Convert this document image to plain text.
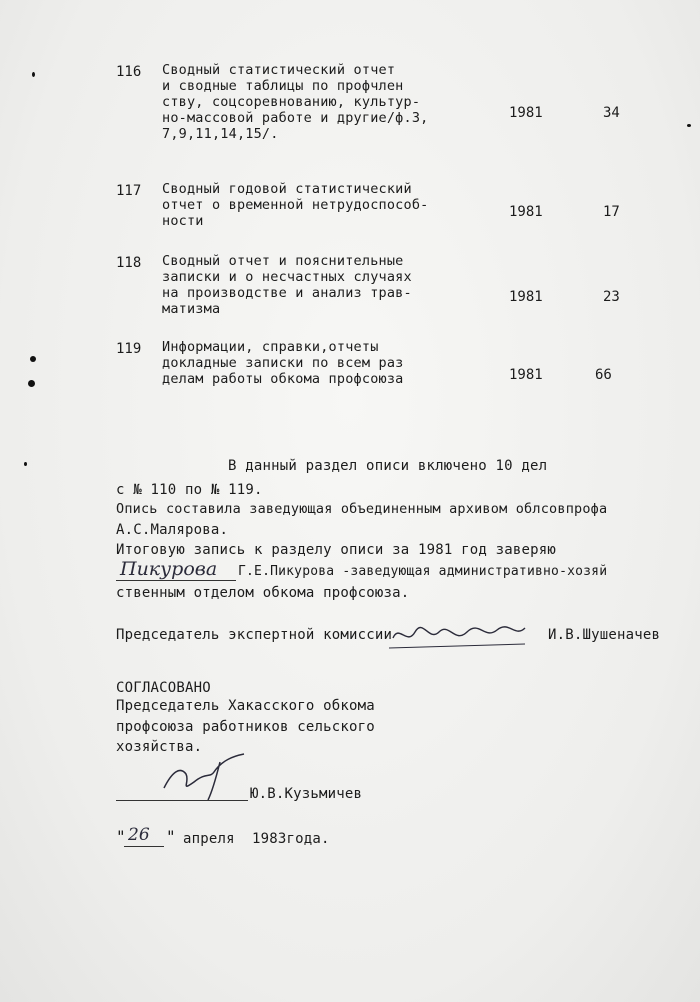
116 Сводный статистический отчет
и сводные таблицы по профчлен
ству, соцсоревнованию, культур-
но-массовой работе и другие/ф.3,
7,9,11,14,15/.
1981	34
117 Сводный годовой статистический
отчет о временной нетрудоспособ-
ности
1981	17
118 Сводный отчет и пояснительные
записки и о несчастных случаях
на производстве и анализ трав-
матизма
1981	23
119 Информации, справки,отчеты
докладные записки по всем раз
делам работы обкома профсоюза	1981	66
В данный раздел описи включено 10 дел
с № 110 по № 119.
Опись составила заведующая объединенным архивом облсовпрофа
А.С.Малярова.
Итоговую запись к разделу описи за 1981 год заверяю
Пикурова Г.Е.Пикурова -заведующая административно-хозяй
ственным отделом обкома профсоюза.
Председатель экспертной комиссии	И.В.Шушеначев
СОГЛАСОВАНО
Председатель Хакасского обкома
профсоюза работников сельского
хозяйства.
Ю.В.Кузьмичев
" 26 " апреля  1983года.
